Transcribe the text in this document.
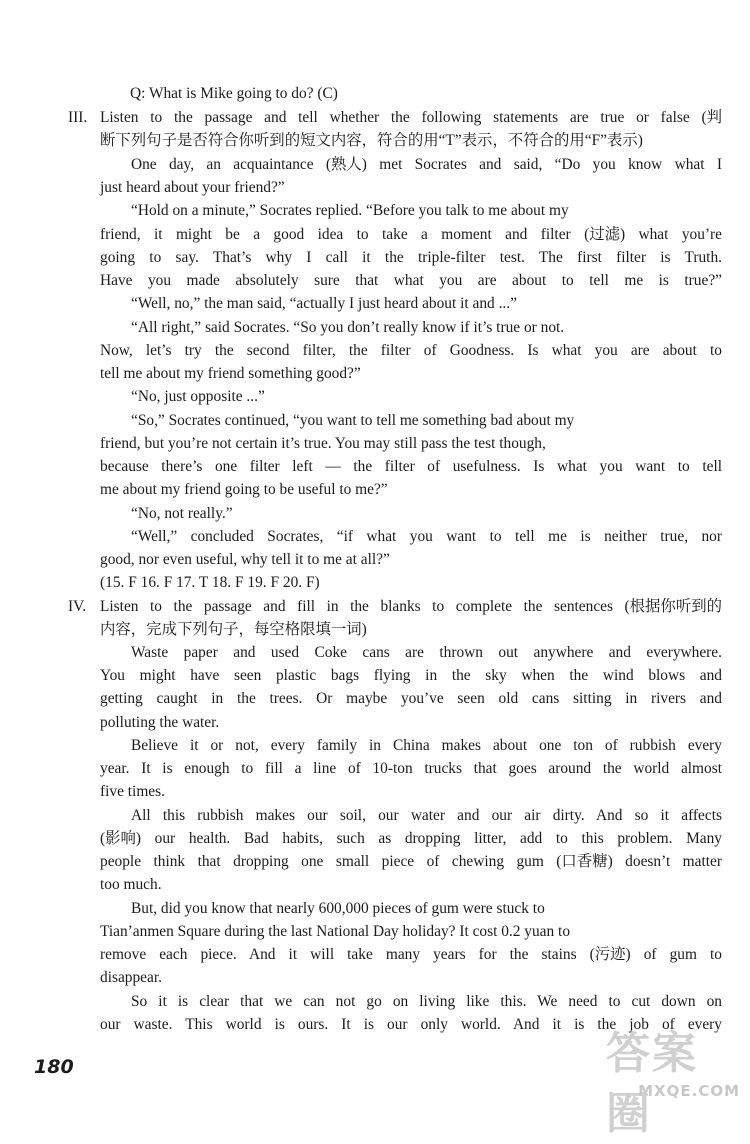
Q: What is Mike going to do? (C)
III. Listen to the passage and tell whether the following statements are true or false (判
断下列句子是否符合你听到的短文内容，符合的用“T”表示，不符合的用“F”表示)
One day, an acquaintance (熟人) met Socrates and said, “Do you know what I
just heard about your friend?”
“Hold on a minute,” Socrates replied. “Before you talk to me about my
friend, it might be a good idea to take a moment and filter (过滤) what you’re
going to say. That’s why I call it the triple-filter test. The first filter is Truth.
Have you made absolutely sure that what you are about to tell me is true?”
“Well, no,” the man said, “actually I just heard about it and ...”
“All right,” said Socrates. “So you don’t really know if it’s true or not.
Now, let’s try the second filter, the filter of Goodness. Is what you are about to
tell me about my friend something good?”
“No, just opposite ...”
“So,” Socrates continued, “you want to tell me something bad about my
friend, but you’re not certain it’s true. You may still pass the test though,
because there’s one filter left — the filter of usefulness. Is what you want to tell
me about my friend going to be useful to me?”
“No, not really.”
“Well,” concluded Socrates, “if what you want to tell me is neither true, nor
good, nor even useful, why tell it to me at all?”
(15. F 16. F 17. T 18. F 19. F 20. F)
IV. Listen to the passage and fill in the blanks to complete the sentences (根据你听到的
内容，完成下列句子，每空格限填一词)
Waste paper and used Coke cans are thrown out anywhere and everywhere.
You might have seen plastic bags flying in the sky when the wind blows and
getting caught in the trees. Or maybe you’ve seen old cans sitting in rivers and
polluting the water.
Believe it or not, every family in China makes about one ton of rubbish every
year. It is enough to fill a line of 10-ton trucks that goes around the world almost
five times.
All this rubbish makes our soil, our water and our air dirty. And so it affects
(影响) our health. Bad habits, such as dropping litter, add to this problem. Many
people think that dropping one small piece of chewing gum (口香糖) doesn’t matter
too much.
But, did you know that nearly 600,000 pieces of gum were stuck to
Tian’anmen Square during the last National Day holiday? It cost 0.2 yuan to
remove each piece. And it will take many years for the stains (污迹) of gum to
disappear.
So it is clear that we can not go on living like this. We need to cut down on
our waste. This world is ours. It is our only world. And it is the job of every
180	答案圈
MXQE.COM
